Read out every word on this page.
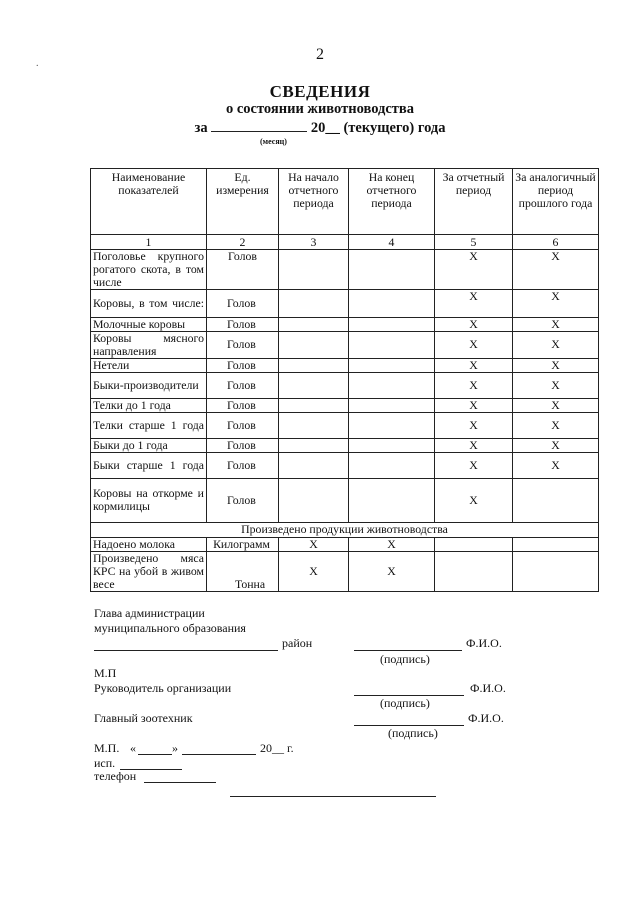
2
.
СВЕДЕНИЯ
о состоянии животноводства
за	20__ (текущего) года
(месяц)
Наименование показателей	Ед. измерения	На начало отчетного периода	На конец отчетного периода	За отчетный период	За аналогичный период прошлого года
1	2	3	4	5	6
Поголовье крупного рогатого скота, в том числе	Голов			X	X
Коровы, в том числе:	Голов			X	X
Молочные коровы	Голов			X	X
Коровы мясного направления	Голов			X	X
Нетели	Голов			X	X
Быки-производители	Голов			X	X
Телки до 1 года	Голов			X	X
Телки старше 1 года	Голов			X	X
Быки до 1 года	Голов			X	X
Быки старше 1 года	Голов			X	X
Коровы на откорме и кормилицы	Голов			X	
Произведено продукции животноводства					
Надоено молока	Килограмм	X	X		
Произведено мяса КРС на убой в живом весе	Тонна	X	X		
Глава администрации
муниципального образования
район	Ф.И.О.
(подпись)
М.П
Руководитель организации	Ф.И.О.
(подпись)
Главный зоотехник	Ф.И.О.
(подпись)
М.П. «	»	20__ г.
исп.
телефон
